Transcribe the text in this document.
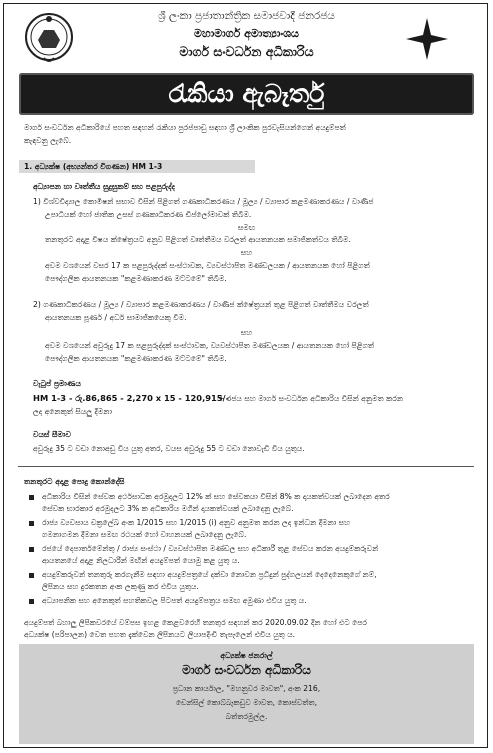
ශ්‍රී ලංකා ප්‍රජාතාන්ත්‍රික සමාජවාදී ජනරජය
මහාමාර්ග අමාත්‍යාංශය
මාර්ග සංවර්ධන අධිකාරිය
රැකියා ඇබෑර්තු
මාර්ග සංවර්ධන අධිකාරියේ පහත සඳහන් රැකියා පුරප්පාඩු සඳහා ශ්‍රී ලාංකික පුරවැසියන්ගෙන් අයදුම්පත්
කැඳවනු ලැබේ.
1. අධ්‍යක්ෂ (අභ්‍යන්තර විගණන) HM 1-3
අධ්‍යාපන හා වෘත්තීය සුදුසුකම් සහ පළපුරුද්ද
1) විශ්වවිද්‍යාල කොමිෂන් සභාව විසින් පිළිගත් ගණකාධිකරණය / මූල්‍ය / ව්‍යාපාර කළමණාකරණය / වාණිජ
උපාධියක් හෝ ජාතික උසස් ගණකාධිකරණ ඩිප්ලෝමාවක් තිබීම.
සමඟ
තනතුරට අදාළ විෂය ක්ෂේත්‍රයට අනුව පිළිගත් වෘත්තීමය වරලත් ආයතනයක සමාජිකත්වය තිබීම.
සහ
අවම වශයෙන් වසර 17 ක පළපුරුද්දක් සංස්ථාවක, ව්‍යවස්ථාපිත මණ්ඩලයක / ආයතනයක හෝ පිළිගත්
පෞද්ගලික ආයතනයක "කළමණාකරණ මට්ටමේ" තිබීම.
2) ගණකාධිකරණය / මූල්‍ය / ව්‍යාපාර කළමණාකරණය / වාණිජ ක්ෂේත්‍රයන් තුළ පිළිගත් වෘත්තීමය වරලත්
ආයතනයක පූර්ණ / අර්ධ සාමාජිකයෙකු වීම.
සහ
අවම වශයෙන් අවුරුදු 17 ක පළපුරුද්දක් සංස්ථාවක, ව්‍යවස්ථාපිත මණ්ඩලයක / ආයතනයක හෝ පිළිගත්
පෞද්ගලික ආයතනයක "කළමණාකරණ මට්ටමේ" තිබීම.
වැටුප් ප්‍රමාණය
HM 1-3 - රු.86,865 - 2,270 x 15 - 120,915/-
+ රජය සහ මාර්ග සංවර්ධන අධිකාරිය විසින් අනුමත කරන
ලද අනෙකුත් සියලු දීමනා
වයස් සීමාව
අවුරුදු 35 ට වඩා නොඅඩු විය යුතු අතර, වයස අවුරුදු 55 ට වඩා නොවැඩි විය යුතුය.
තනතුරට අදාළ පොදු කොන්දේසි
අධිකාරිය විසින් සේවක අර්ථසාධක අරමුදලට 12% ක් සහ සේවකයා විසින් 8% ක දායකත්වයක් ලබාදෙන අතර
සේවක භාරකාර අරමුදලට 3% ක අධිකාරිය මගින් දායකත්වයක් ලබාදෙනු ලැබේ.
රාජ්‍ය ව්‍යවසාය චක්‍රලේඛ අංක 1/2015 සහ 1/2015 (i) අනුව අනුමත කරන ලද ඉන්ධන දීමනා සහ
ගමනාගමන දීමනා සමඟ රථයක් හෝ වාහනයක් ලබාදෙනු ලැබේ.
රජයේ දෙපාර්තමේන්තු / රාජ්‍ය සංස්ථා / ව්‍යවස්ථාපිත මණ්ඩල සහ අධිකාරී තුළ සේවය කරන අයදුම්කරුවන්
ආයතනයේ අදාළ නිලධාරීන් මඟින් අයදුම්පත් යොමු කළ යුතු ය.
අයදුම්කරුවන් තනතුරු කරගැනීම සඳහා අයදුම්පත්‍රයේ දක්වා නොවන ප්‍රධිදුන් පුද්ගලයන් දෙදෙනෙකුගේ නම්,
ලිපිනය සහ දුරකතන අංක ලකුණු කර එවිය යුතුය.
අධ්‍යාපනික සහ අනෙකුත් සහතිකවල පිටපත් අයදුම්පත්‍රය සමඟ අමුණා එවිය යුතු ය.
අයදුම්පත් බහාලු ලිපිකවරයේ වම්පස ඉහළ කෙළවරෙහි තනතුර සඳහන් කර 2020.09.02 දින හෝ එට පෙර
අධ්‍යක්ෂ (පරිපාලන) වෙත පහත දැක්වෙන ලිපිනයට ලියාපදිංචි තැපෑලෙන් එවිය යුතු ය.
අධ්‍යක්ෂ ජනරාල්
මාර්ග සංවර්ධන අධිකාරිය
ප්‍රධාන කාර්යාල, "මහනුවර මාවත", අංක 216,
ඩෙන්සිල් කොබ්බෑකඩුව මාවත, කොස්වත්ත,
බත්තරමුල්ල.
